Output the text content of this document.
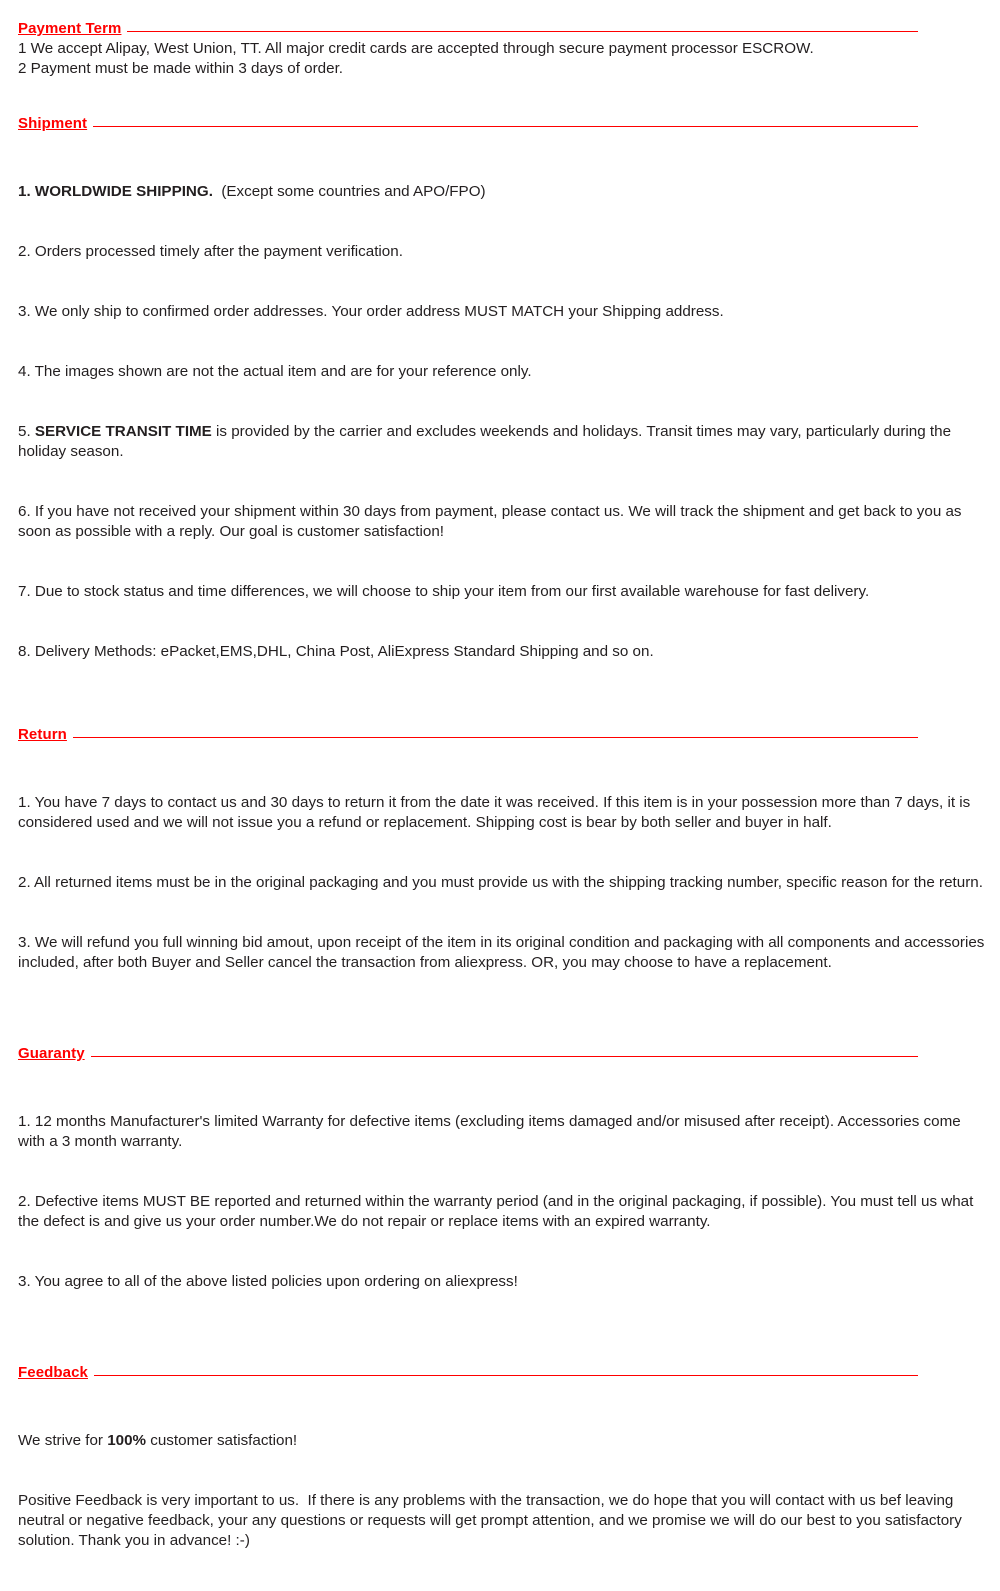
Payment Term
1 We accept Alipay, West Union, TT. All major credit cards are accepted through secure payment processor ESCROW.
2 Payment must be made within 3 days of order.
Shipment

1. WORLDWIDE SHIPPING.  (Except some countries and APO/FPO)

2. Orders processed timely after the payment verification.

3. We only ship to confirmed order addresses. Your order address MUST MATCH your Shipping address.

4. The images shown are not the actual item and are for your reference only.

5. SERVICE TRANSIT TIME is provided by the carrier and excludes weekends and holidays. Transit times may vary, particularly during the holiday season.

6. If you have not received your shipment within 30 days from payment, please contact us. We will track the shipment and get back to you as soon as possible with a reply. Our goal is customer satisfaction!

7. Due to stock status and time differences, we will choose to ship your item from our first available warehouse for fast delivery.

8. Delivery Methods: ePacket,EMS,DHL, China Post, AliExpress Standard Shipping and so on.

Return

1. You have 7 days to contact us and 30 days to return it from the date it was received. If this item is in your possession more than 7 days, it is considered used and we will not issue you a refund or replacement. Shipping cost is bear by both seller and buyer in half.

2. All returned items must be in the original packaging and you must provide us with the shipping tracking number, specific reason for the return.

3. We will refund you full winning bid amout, upon receipt of the item in its original condition and packaging with all components and accessories included, after both Buyer and Seller cancel the transaction from aliexpress. OR, you may choose to have a replacement.

Guaranty

1. 12 months Manufacturer's limited Warranty for defective items (excluding items damaged and/or misused after receipt). Accessories come with a 3 month warranty.

2. Defective items MUST BE reported and returned within the warranty period (and in the original packaging, if possible). You must tell us what the defect is and give us your order number.We do not repair or replace items with an expired warranty.

3. You agree to all of the above listed policies upon ordering on aliexpress!

Feedback

We strive for 100% customer satisfaction!

Positive Feedback is very important to us.  If there is any problems with the transaction, we do hope that you will contact with us bef leaving neutral or negative feedback, your any questions or requests will get prompt attention, and we promise we will do our best to you satisfactory solution. Thank you in advance! :-)
